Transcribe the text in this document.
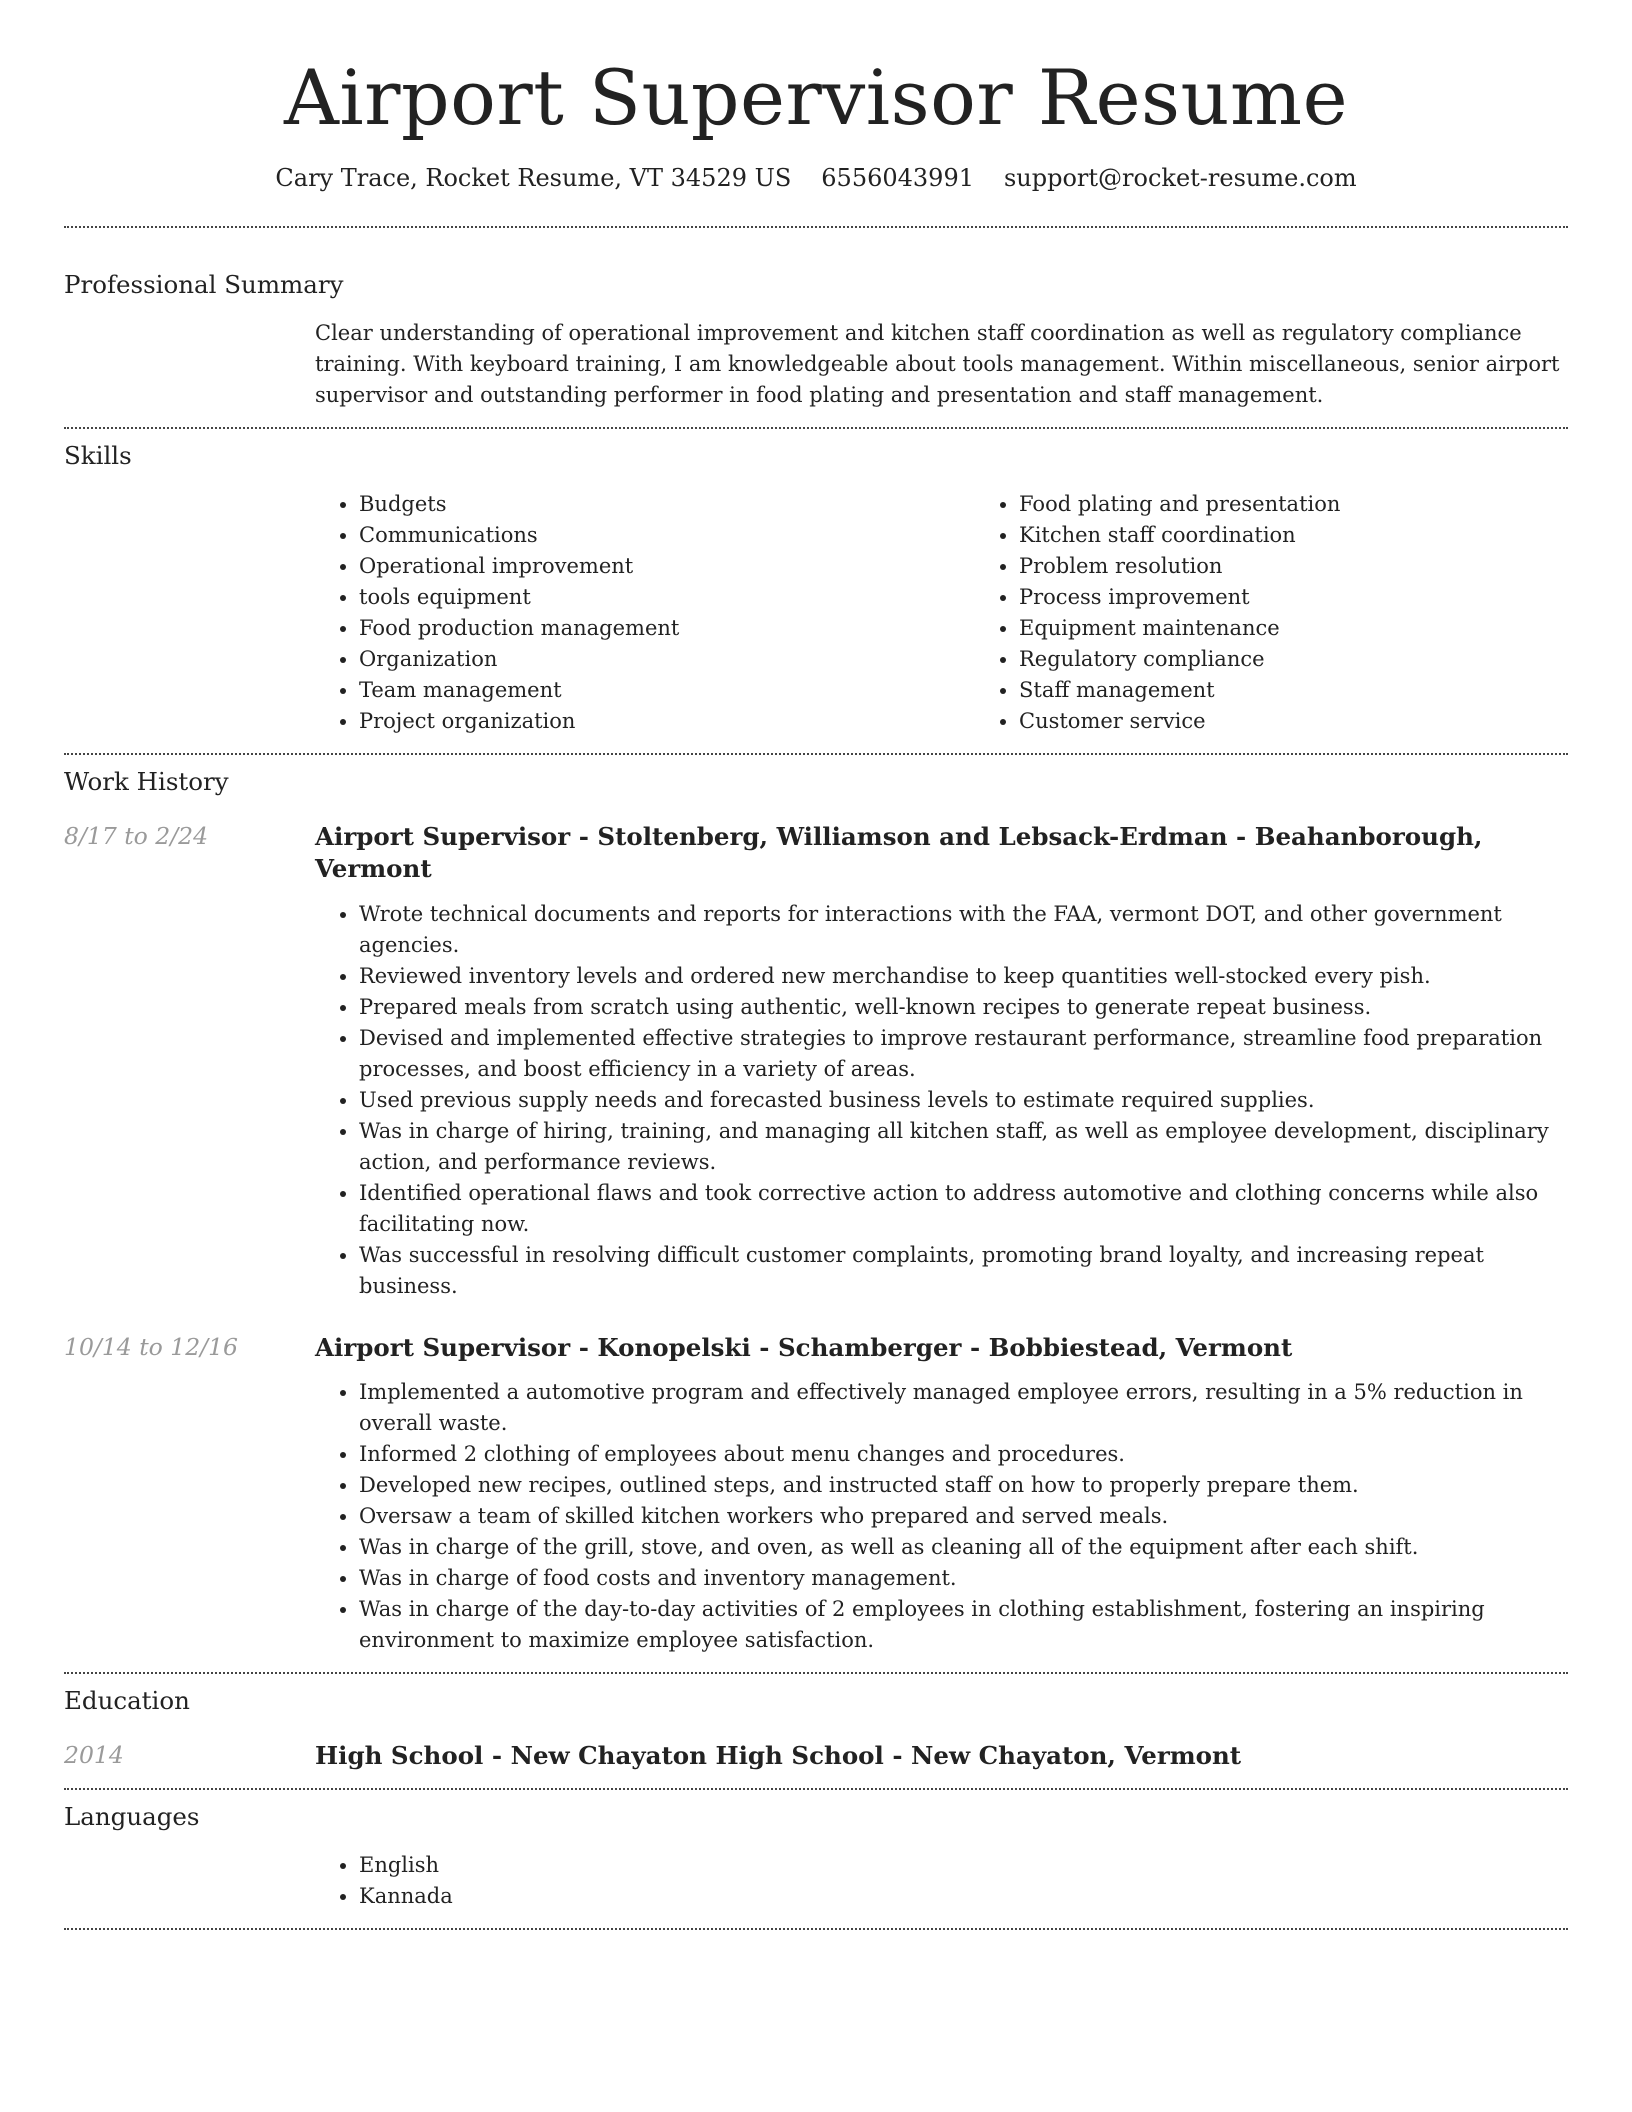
Airport Supervisor Resume
Cary Trace, Rocket Resume, VT 34529 US 6556043991 support@rocket-resume.com
Professional Summary

Clear understanding of operational improvement and kitchen staff coordination as well as regulatory compliance training. With keyboard training, I am knowledgeable about tools management. Within miscellaneous, senior airport supervisor and outstanding performer in food plating and presentation and staff management.

Skills
• Budgets
• Communications
• Operational improvement
• tools equipment
• Food production management
• Organization
• Team management
• Project organization
• Food plating and presentation
• Kitchen staff coordination
• Problem resolution
• Process improvement
• Equipment maintenance
• Regulatory compliance
• Staff management
• Customer service
Work History
8/17 to 2/24	Airport Supervisor - Stoltenberg, Williamson and Lebsack-Erdman - Beahanborough, Vermont
• Wrote technical documents and reports for interactions with the FAA, vermont DOT, and other government agencies.
• Reviewed inventory levels and ordered new merchandise to keep quantities well-stocked every pish.
• Prepared meals from scratch using authentic, well-known recipes to generate repeat business.
• Devised and implemented effective strategies to improve restaurant performance, streamline food preparation processes, and boost efficiency in a variety of areas.
• Used previous supply needs and forecasted business levels to estimate required supplies.
• Was in charge of hiring, training, and managing all kitchen staff, as well as employee development, disciplinary action, and performance reviews.
• Identified operational flaws and took corrective action to address automotive and clothing concerns while also facilitating now.
• Was successful in resolving difficult customer complaints, promoting brand loyalty, and increasing repeat business.
10/14 to 12/16	Airport Supervisor - Konopelski - Schamberger - Bobbiestead, Vermont
• Implemented a automotive program and effectively managed employee errors, resulting in a 5% reduction in overall waste.
• Informed 2 clothing of employees about menu changes and procedures.
• Developed new recipes, outlined steps, and instructed staff on how to properly prepare them.
• Oversaw a team of skilled kitchen workers who prepared and served meals.
• Was in charge of the grill, stove, and oven, as well as cleaning all of the equipment after each shift.
• Was in charge of food costs and inventory management.
• Was in charge of the day-to-day activities of 2 employees in clothing establishment, fostering an inspiring environment to maximize employee satisfaction.
Education
2014	High School - New Chayaton High School - New Chayaton, Vermont
Languages
• English
• Kannada
